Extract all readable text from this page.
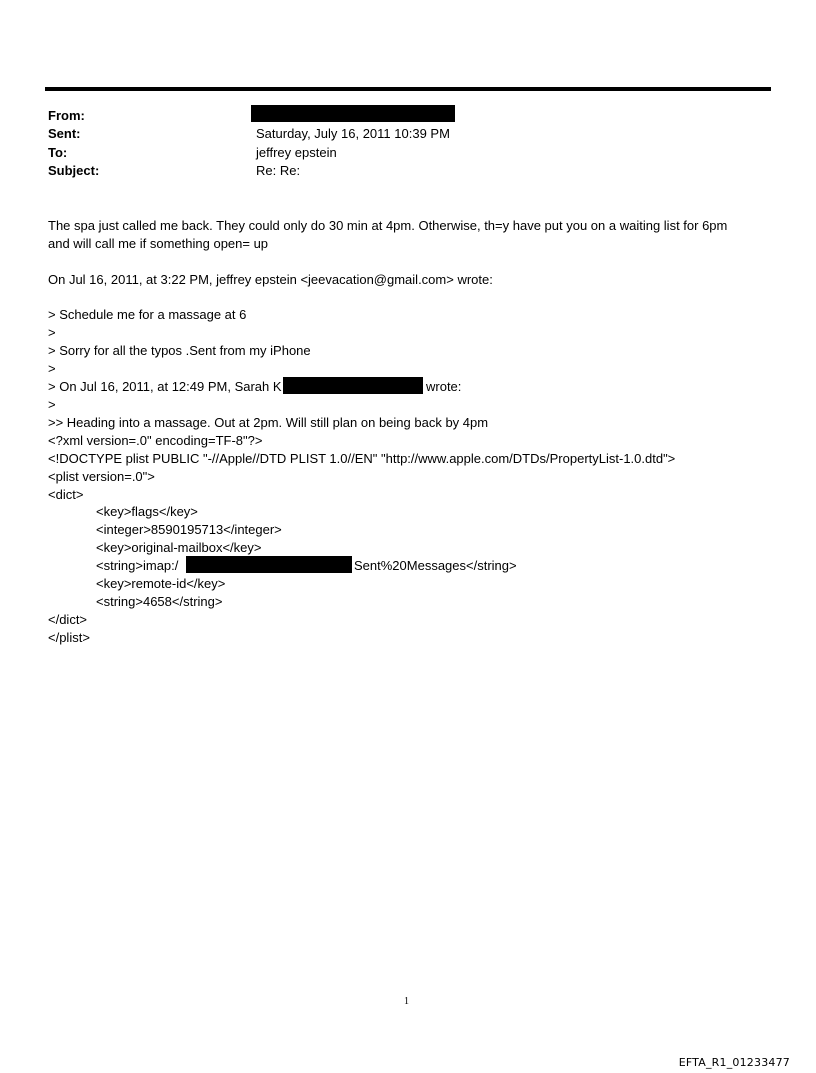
From:
Sent:	Saturday, July 16, 2011 10:39 PM
To:	jeffrey epstein
Subject:	Re: Re:
The spa just called me back. They could only do 30 min at 4pm. Otherwise, th=y have put you on a waiting list for 6pm
and will call me if something open= up
On Jul 16, 2011, at 3:22 PM, jeffrey epstein <jeevacation@gmail.com> wrote:
> Schedule me for a massage at 6
>
> Sorry for all the typos .Sent from my iPhone
>
> On Jul 16, 2011, at 12:49 PM, Sarah K	wrote:
>
>> Heading into a massage. Out at 2pm. Will still plan on being back by 4pm
<?xml version=.0" encoding=TF-8"?>
<!DOCTYPE plist PUBLIC "-//Apple//DTD PLIST 1.0//EN" "http://www.apple.com/DTDs/PropertyList-1.0.dtd">
<plist version=.0">
<dict>
<key>flags</key>
<integer>8590195713</integer>
<key>original-mailbox</key>
<string>imap:/	Sent%20Messages</string>
<key>remote-id</key>
<string>4658</string>
</dict>
</plist>
1
EFTA_R1_01233477
